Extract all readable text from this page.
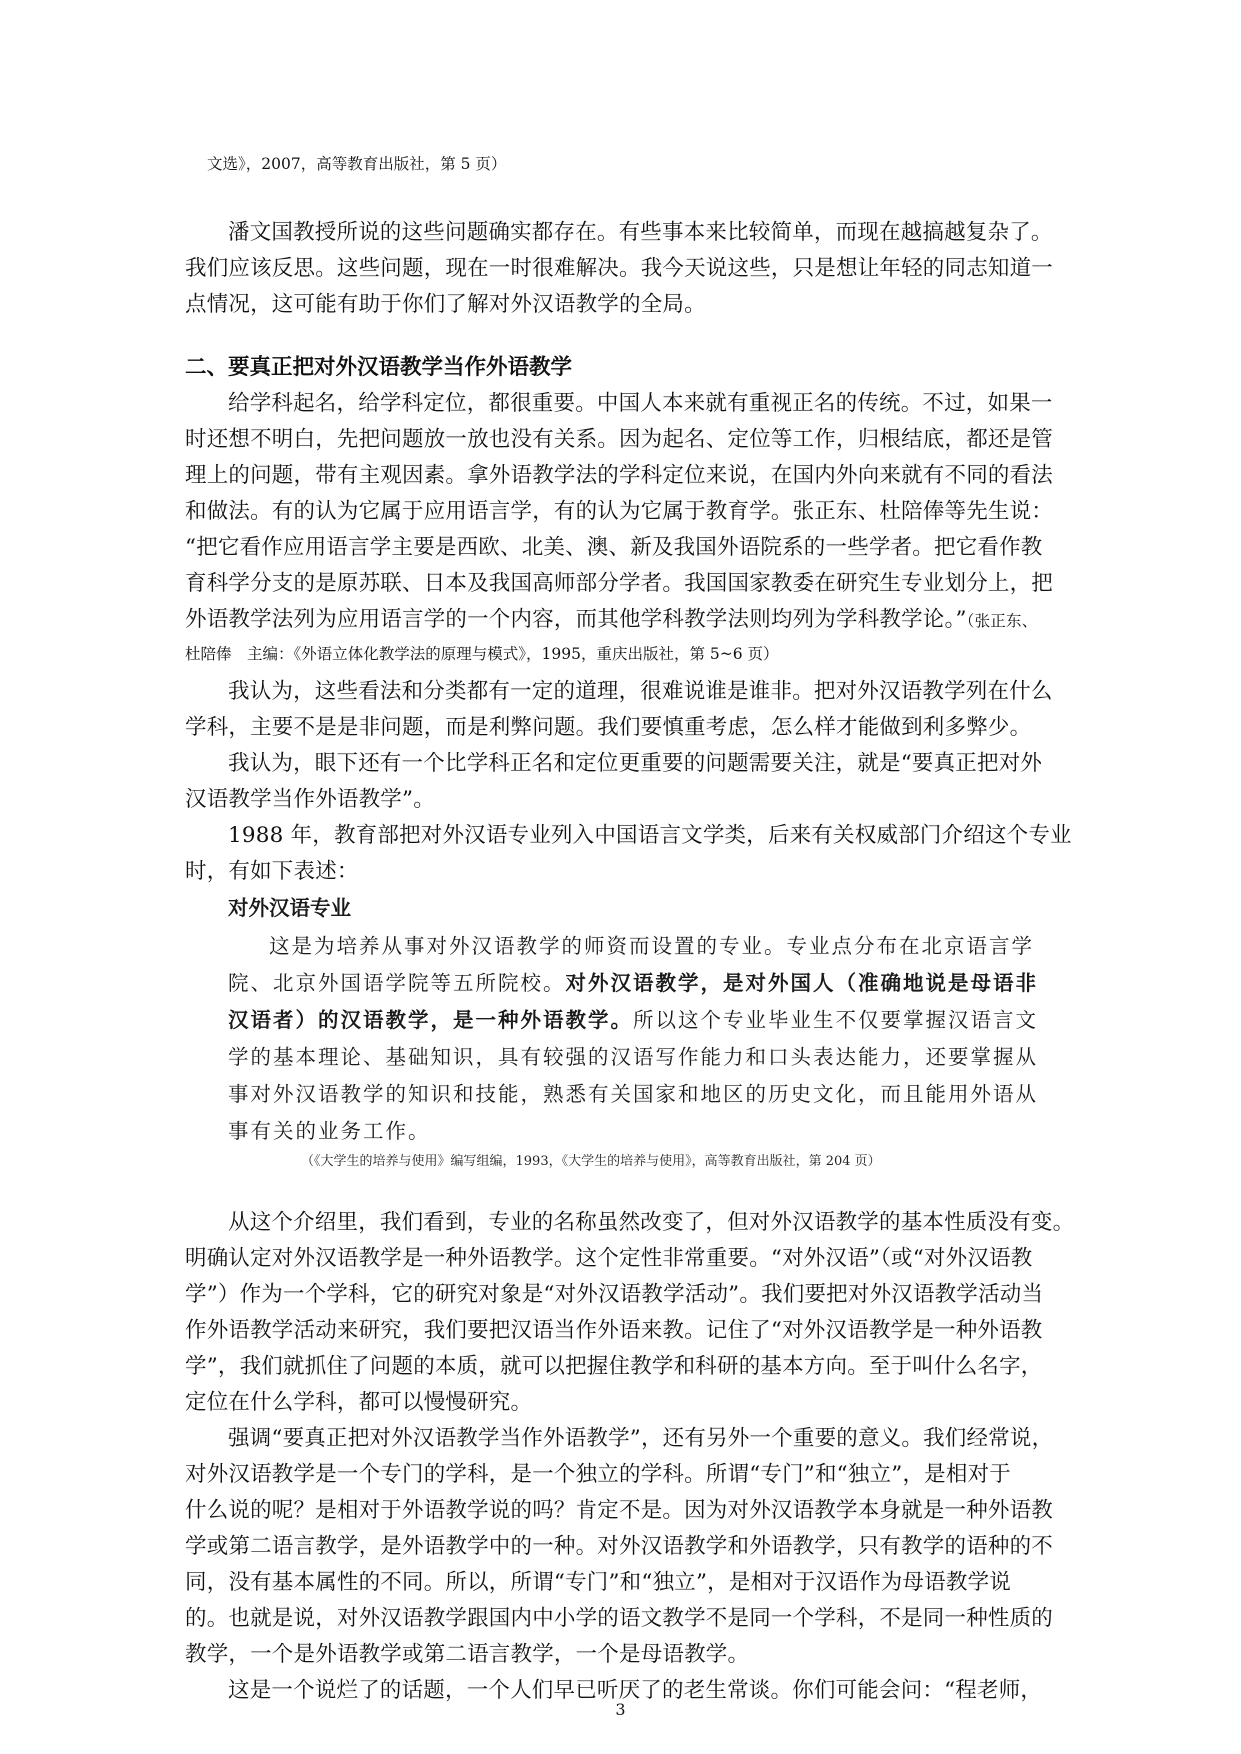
文选》，2007，高等教育出版社，第 5 页）
潘文国教授所说的这些问题确实都存在。有些事本来比较简单，而现在越搞越复杂了。
我们应该反思。这些问题，现在一时很难解决。我今天说这些，只是想让年轻的同志知道一
点情况，这可能有助于你们了解对外汉语教学的全局。
二、要真正把对外汉语教学当作外语教学
给学科起名，给学科定位，都很重要。中国人本来就有重视正名的传统。不过，如果一
时还想不明白，先把问题放一放也没有关系。因为起名、定位等工作，归根结底，都还是管
理上的问题，带有主观因素。拿外语教学法的学科定位来说，在国内外向来就有不同的看法
和做法。有的认为它属于应用语言学，有的认为它属于教育学。张正东、杜陪俸等先生说：
“把它看作应用语言学主要是西欧、北美、澳、新及我国外语院系的一些学者。把它看作教
育科学分支的是原苏联、日本及我国高师部分学者。我国国家教委在研究生专业划分上，把
外语教学法列为应用语言学的一个内容，而其他学科教学法则均列为学科教学论。”（张正东、
杜陪俸　主编：《外语立体化教学法的原理与模式》，1995，重庆出版社，第 5~6 页）
我认为，这些看法和分类都有一定的道理，很难说谁是谁非。把对外汉语教学列在什么
学科，主要不是是非问题，而是利弊问题。我们要慎重考虑，怎么样才能做到利多弊少。
我认为，眼下还有一个比学科正名和定位更重要的问题需要关注，就是“要真正把对外
汉语教学当作外语教学”。
1988 年，教育部把对外汉语专业列入中国语言文学类，后来有关权威部门介绍这个专业
时，有如下表述：
对外汉语专业
这是为培养从事对外汉语教学的师资而设置的专业。专业点分布在北京语言学
院、北京外国语学院等五所院校。对外汉语教学，是对外国人（准确地说是母语非
汉语者）的汉语教学，是一种外语教学。所以这个专业毕业生不仅要掌握汉语言文
学的基本理论、基础知识，具有较强的汉语写作能力和口头表达能力，还要掌握从
事对外汉语教学的知识和技能，熟悉有关国家和地区的历史文化，而且能用外语从
事有关的业务工作。
（《大学生的培养与使用》编写组编，1993，《大学生的培养与使用》，高等教育出版社，第 204 页）
从这个介绍里，我们看到，专业的名称虽然改变了，但对外汉语教学的基本性质没有变。
明确认定对外汉语教学是一种外语教学。这个定性非常重要。“对外汉语”（或“对外汉语教
学”）作为一个学科，它的研究对象是“对外汉语教学活动”。我们要把对外汉语教学活动当
作外语教学活动来研究，我们要把汉语当作外语来教。记住了“对外汉语教学是一种外语教
学”，我们就抓住了问题的本质，就可以把握住教学和科研的基本方向。至于叫什么名字，
定位在什么学科，都可以慢慢研究。
强调“要真正把对外汉语教学当作外语教学”，还有另外一个重要的意义。我们经常说，
对外汉语教学是一个专门的学科，是一个独立的学科。所谓“专门”和“独立”，是相对于
什么说的呢？是相对于外语教学说的吗？肯定不是。因为对外汉语教学本身就是一种外语教
学或第二语言教学，是外语教学中的一种。对外汉语教学和外语教学，只有教学的语种的不
同，没有基本属性的不同。所以，所谓“专门”和“独立”，是相对于汉语作为母语教学说
的。也就是说，对外汉语教学跟国内中小学的语文教学不是同一个学科，不是同一种性质的
教学，一个是外语教学或第二语言教学，一个是母语教学。
这是一个说烂了的话题，一个人们早已听厌了的老生常谈。你们可能会问：“程老师，
3
